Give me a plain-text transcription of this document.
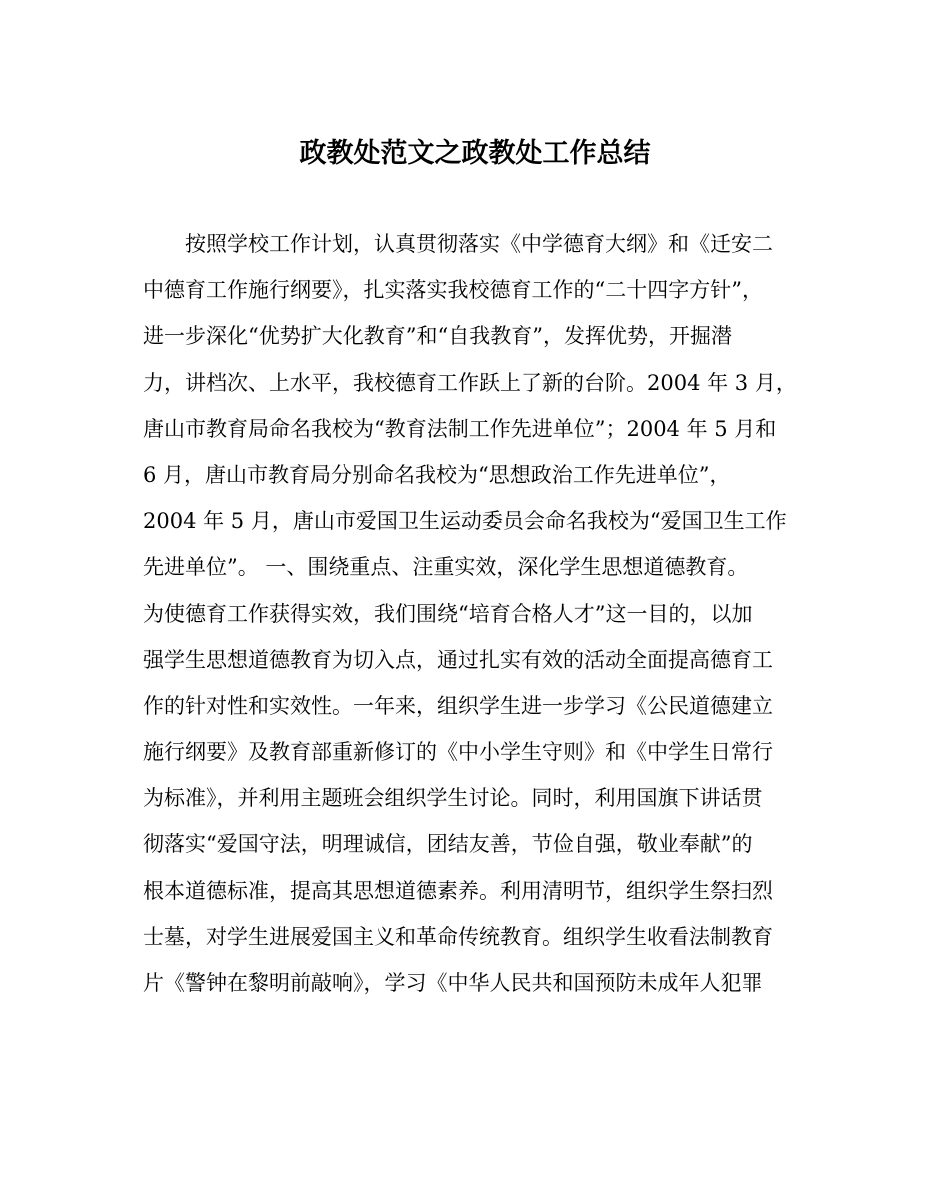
政教处范文之政教处工作总结
　　按照学校工作计划，认真贯彻落实《中学德育大纲》和《迁安二
中德育工作施行纲要》，扎实落实我校德育工作的“二十四字方针”，
进一步深化“优势扩大化教育”和“自我教育”，发挥优势，开掘潜
力，讲档次、上水平，我校德育工作跃上了新的台阶。2004 年 3 月，
唐山市教育局命名我校为“教育法制工作先进单位”；2004 年 5 月和
6 月，唐山市教育局分别命名我校为“思想政治工作先进单位”，
2004 年 5 月，唐山市爱国卫生运动委员会命名我校为“爱国卫生工作
先进单位”。 一、围绕重点、注重实效，深化学生思想道德教育。
为使德育工作获得实效，我们围绕“培育合格人才”这一目的，以加
强学生思想道德教育为切入点，通过扎实有效的活动全面提高德育工
作的针对性和实效性。一年来，组织学生进一步学习《公民道德建立
施行纲要》及教育部重新修订的《中小学生守则》和《中学生日常行
为标准》，并利用主题班会组织学生讨论。同时，利用国旗下讲话贯
彻落实“爱国守法，明理诚信，团结友善，节俭自强，敬业奉献”的
根本道德标准，提高其思想道德素养。利用清明节，组织学生祭扫烈
士墓，对学生进展爱国主义和革命传统教育。组织学生收看法制教育
片《警钟在黎明前敲响》，学习《中华人民共和国预防未成年人犯罪
